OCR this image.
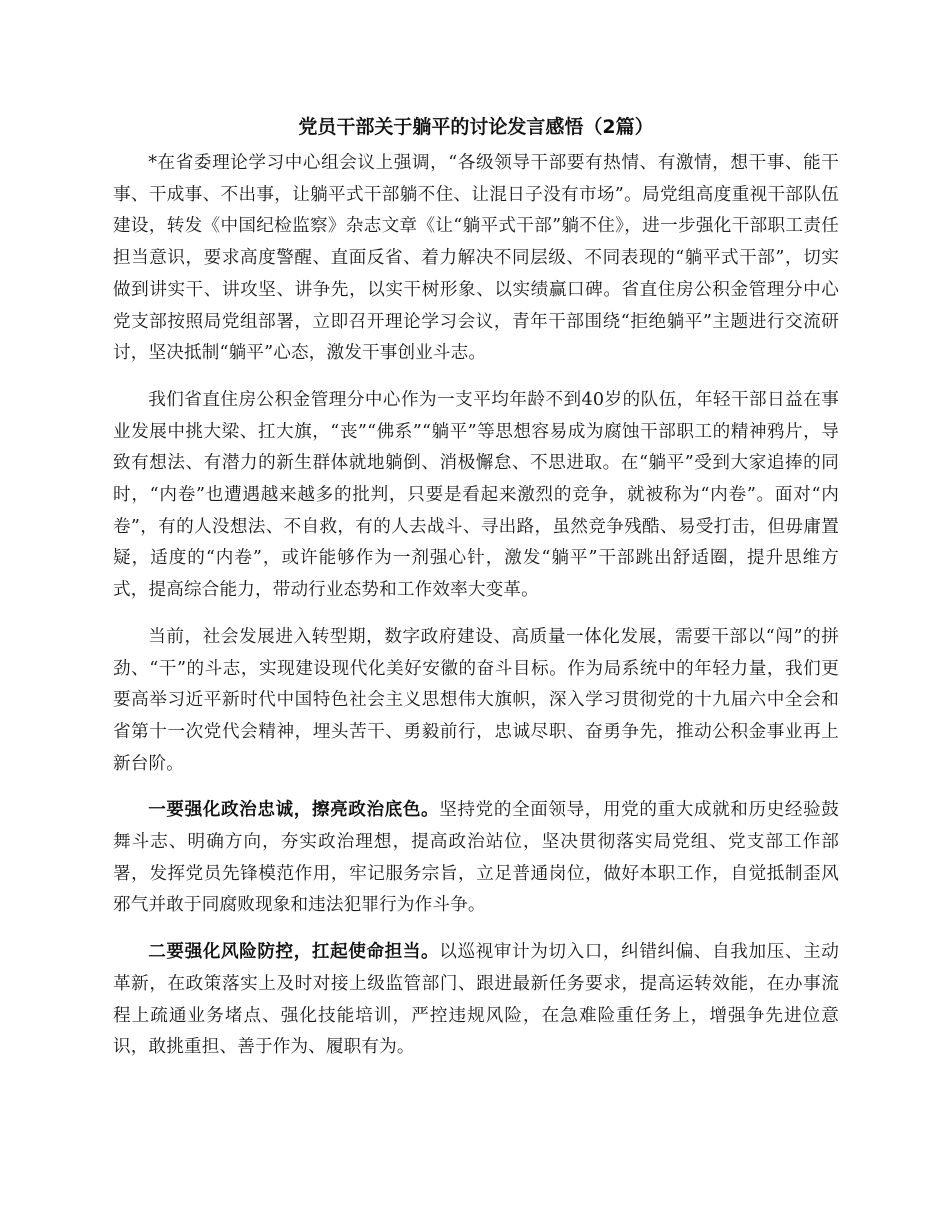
党员干部关于躺平的讨论发言感悟（2篇）

*在省委理论学习中心组会议上强调，“各级领导干部要有热情、有激情，想干事、能干事、干成事、不出事，让躺平式干部躺不住、让混日子没有市场”。局党组高度重视干部队伍建设，转发《中国纪检监察》杂志文章《让“躺平式干部”躺不住》，进一步强化干部职工责任担当意识，要求高度警醒、直面反省、着力解决不同层级、不同表现的“躺平式干部”，切实做到讲实干、讲攻坚、讲争先，以实干树形象、以实绩赢口碑。省直住房公积金管理分中心党支部按照局党组部署，立即召开理论学习会议，青年干部围绕“拒绝躺平”主题进行交流研讨，坚决抵制“躺平”心态，激发干事创业斗志。

我们省直住房公积金管理分中心作为一支平均年龄不到40岁的队伍，年轻干部日益在事业发展中挑大梁、扛大旗，“丧”“佛系”“躺平”等思想容易成为腐蚀干部职工的精神鸦片，导致有想法、有潜力的新生群体就地躺倒、消极懈怠、不思进取。在“躺平”受到大家追捧的同时，“内卷”也遭遇越来越多的批判，只要是看起来激烈的竞争，就被称为“内卷”。面对“内卷”，有的人没想法、不自救，有的人去战斗、寻出路，虽然竞争残酷、易受打击，但毋庸置疑，适度的“内卷”，或许能够作为一剂强心针，激发“躺平”干部跳出舒适圈，提升思维方式，提高综合能力，带动行业态势和工作效率大变革。

当前，社会发展进入转型期，数字政府建设、高质量一体化发展，需要干部以“闯”的拼劲、“干”的斗志，实现建设现代化美好安徽的奋斗目标。作为局系统中的年轻力量，我们更要高举习近平新时代中国特色社会主义思想伟大旗帜，深入学习贯彻党的十九届六中全会和省第十一次党代会精神，埋头苦干、勇毅前行，忠诚尽职、奋勇争先，推动公积金事业再上新台阶。

一要强化政治忠诚，擦亮政治底色。坚持党的全面领导，用党的重大成就和历史经验鼓舞斗志、明确方向，夯实政治理想，提高政治站位，坚决贯彻落实局党组、党支部工作部署，发挥党员先锋模范作用，牢记服务宗旨，立足普通岗位，做好本职工作，自觉抵制歪风邪气并敢于同腐败现象和违法犯罪行为作斗争。

二要强化风险防控，扛起使命担当。以巡视审计为切入口，纠错纠偏、自我加压、主动革新，在政策落实上及时对接上级监管部门、跟进最新任务要求，提高运转效能，在办事流程上疏通业务堵点、强化技能培训，严控违规风险，在急难险重任务上，增强争先进位意识，敢挑重担、善于作为、履职有为。
